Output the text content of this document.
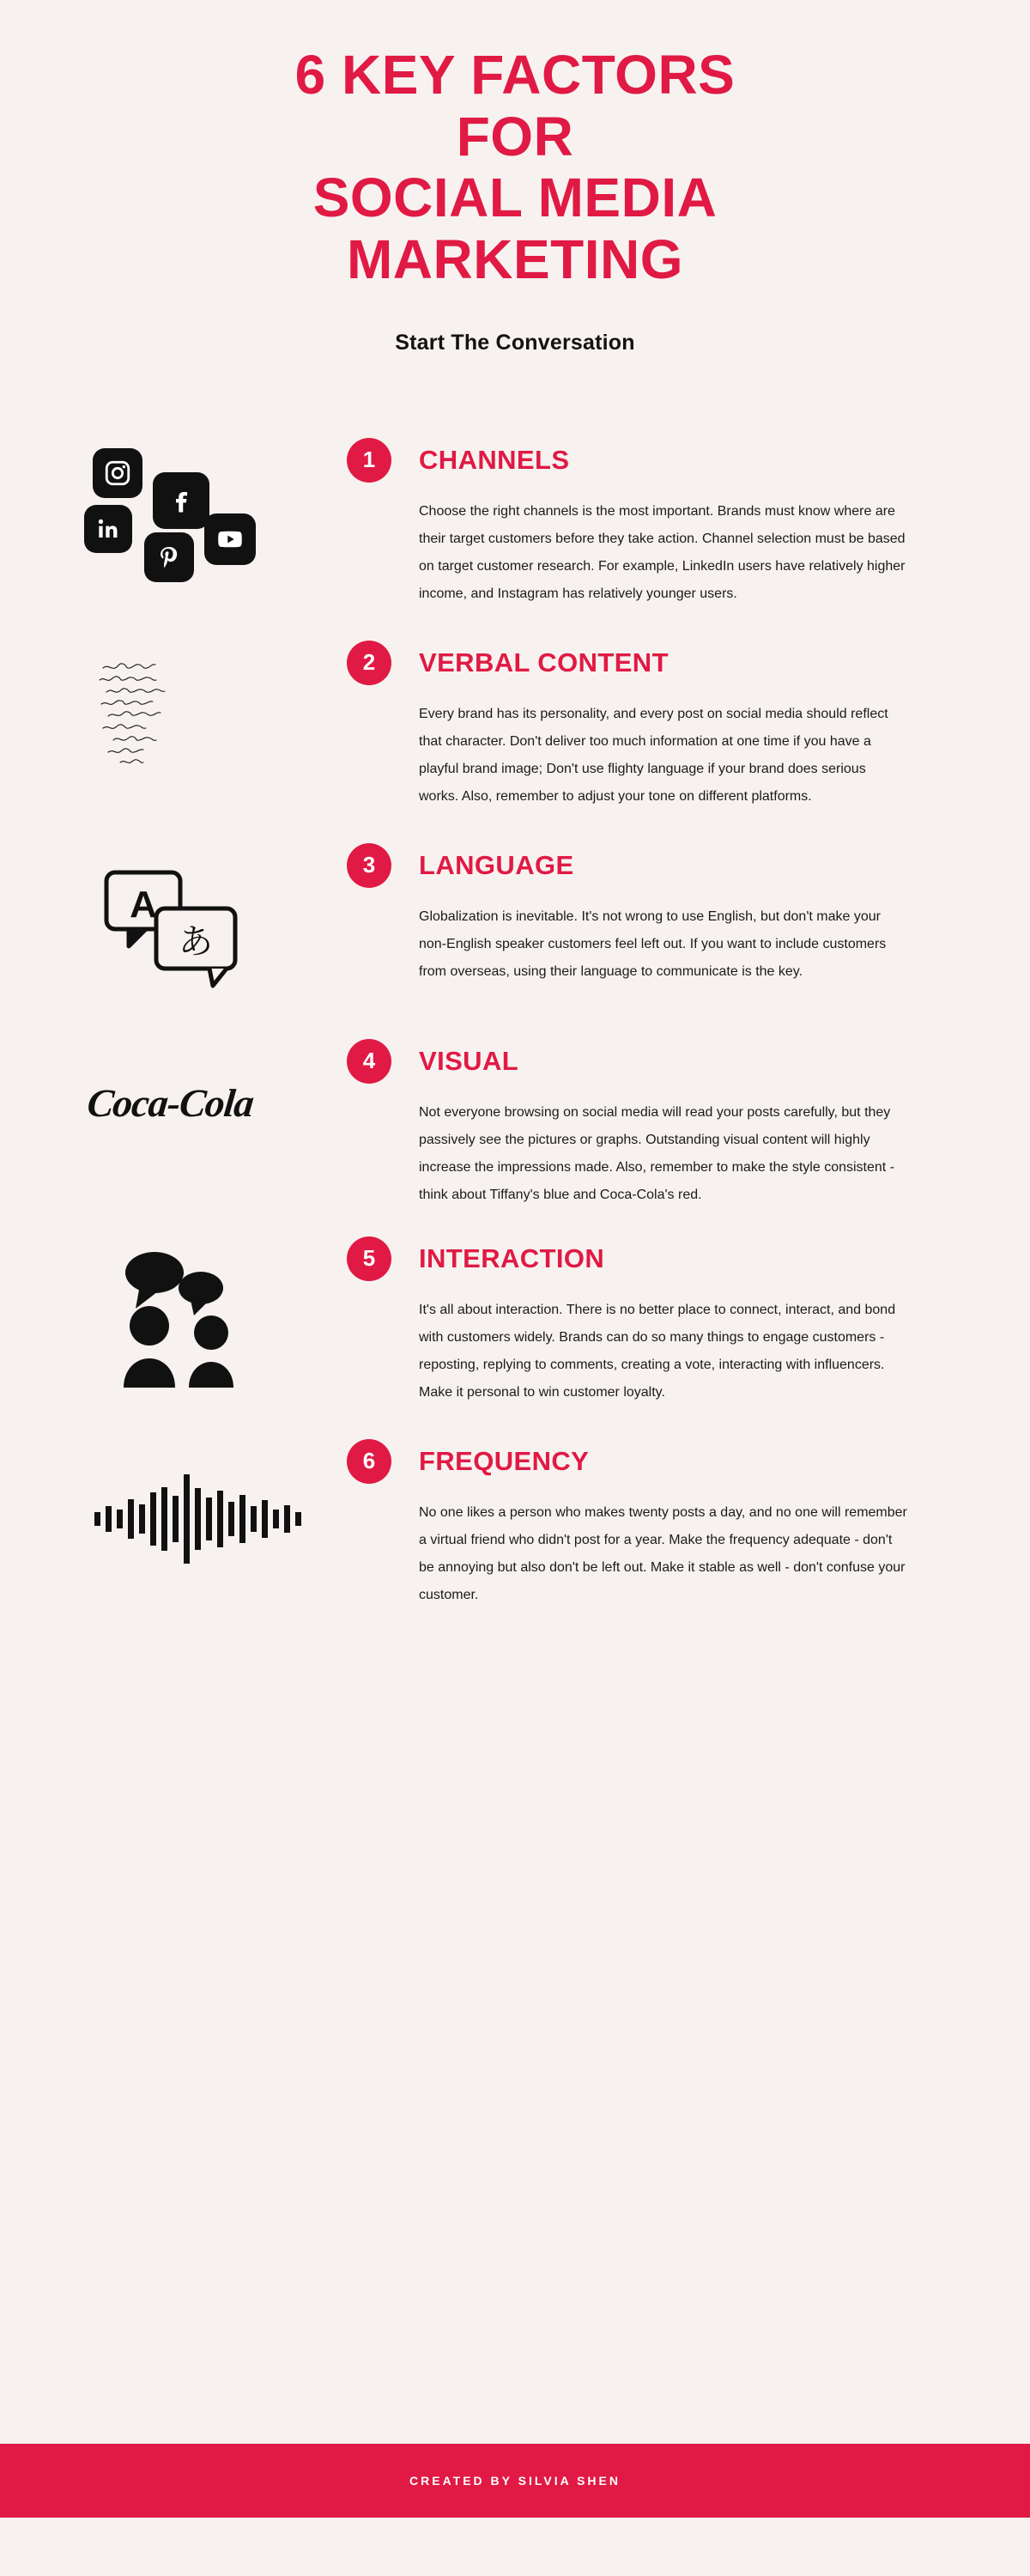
6 KEY FACTORS
FOR
SOCIAL MEDIA
MARKETING
Start The Conversation
1	CHANNELS
Choose the right channels is the most important. Brands must know where are their target customers before they take action. Channel selection must be based on target customer research. For example, LinkedIn users have relatively higher income, and Instagram has relatively younger users.
2	VERBAL CONTENT
Every brand has its personality, and every post on social media should reflect that character. Don't deliver too much information at one time if you have a playful brand image; Don't use flighty language if your brand does serious works. Also, remember to adjust your tone on different platforms.
A
あ
3	LANGUAGE
Globalization is inevitable. It's not wrong to use English, but don't make your non-English speaker customers feel left out. If you want to include customers from overseas, using their language to communicate is the key.
Coca-Cola
4	VISUAL
Not everyone browsing on social media will read your posts carefully, but they passively see the pictures or graphs. Outstanding visual content will highly increase the impressions made. Also, remember to make the style consistent - think about Tiffany's blue and Coca-Cola's red.
5	INTERACTION
It's all about interaction. There is no better place to connect, interact, and bond with customers widely. Brands can do so many things to engage customers - reposting, replying to comments, creating a vote, interacting with influencers. Make it personal to win customer loyalty.
6	FREQUENCY
No one likes a person who makes twenty posts a day, and no one will remember a virtual friend who didn't post for a year. Make the frequency adequate - don't be annoying but also don't be left out. Make it stable as well - don't confuse your customer.
CREATED BY SILVIA SHEN
